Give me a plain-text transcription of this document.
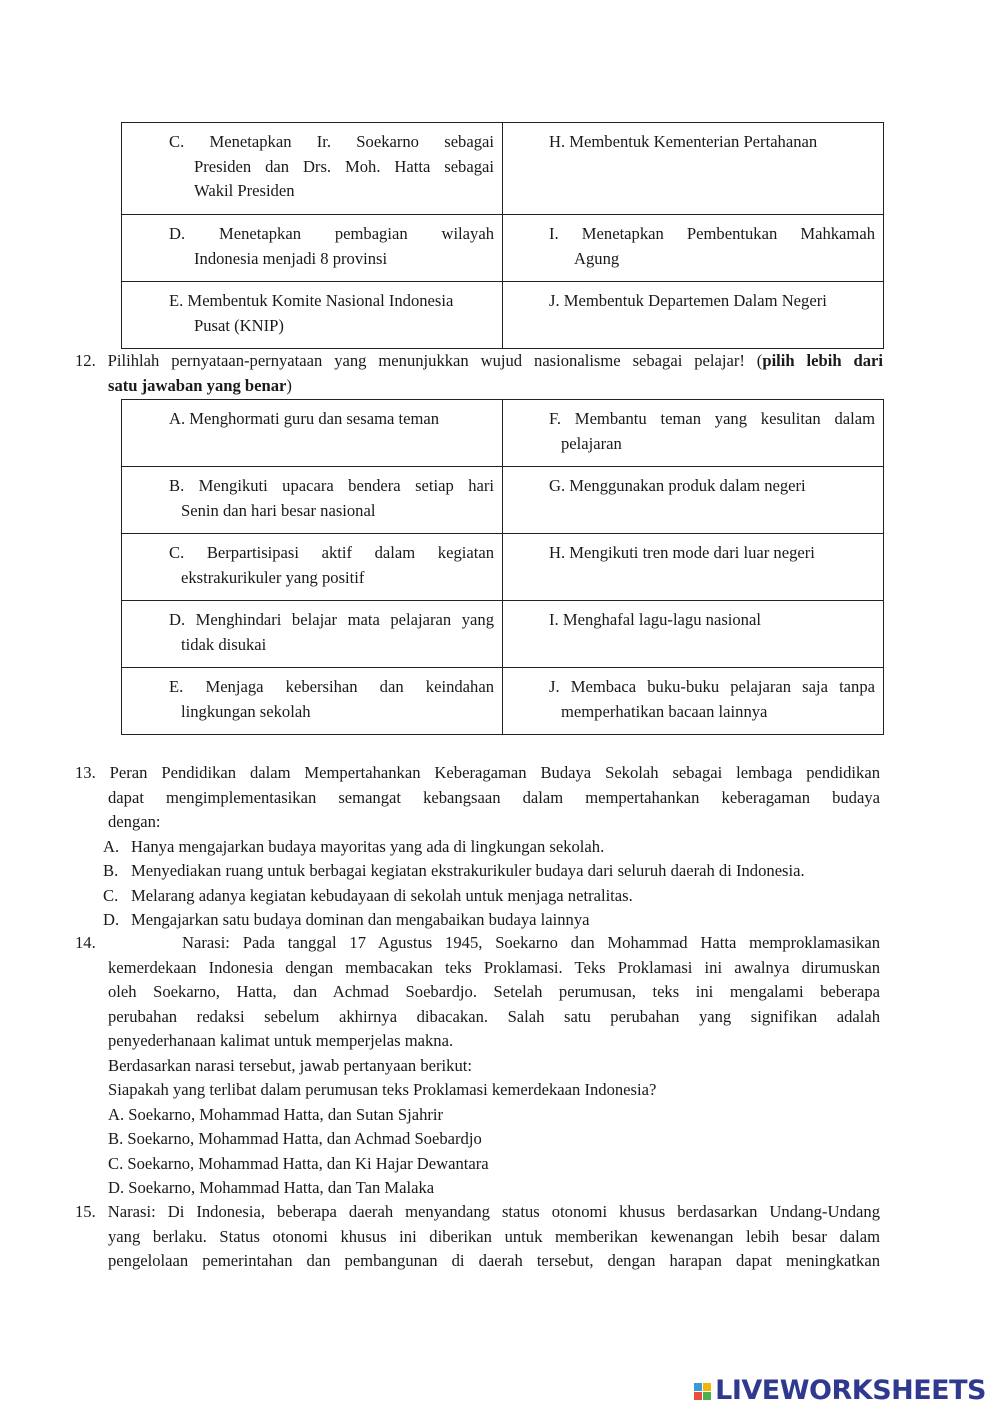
C. Menetapkan Ir. Soekarno sebagai
Presiden dan Drs. Moh. Hatta sebagai
Wakil Presiden	H. Membentuk Kementerian Pertahanan

D. Menetapkan pembagian wilayah
Indonesia menjadi 8 provinsi	I. Menetapkan Pembentukan Mahkamah
Agung

E. Membentuk Komite Nasional Indonesia
Pusat (KNIP)	J. Membentuk Departemen Dalam Negeri
12. Pilihlah pernyataan-pernyataan yang menunjukkan wujud nasionalisme sebagai pelajar! (pilih lebih dari
satu jawaban yang benar)
A. Menghormati guru dan sesama teman	F. Membantu teman yang kesulitan dalam
pelajaran

B. Mengikuti upacara bendera setiap hari
Senin dan hari besar nasional	G. Menggunakan produk dalam negeri

C. Berpartisipasi aktif dalam kegiatan
ekstrakurikuler yang positif	H. Mengikuti tren mode dari luar negeri

D. Menghindari belajar mata pelajaran yang
tidak disukai	I. Menghafal lagu-lagu nasional

E. Menjaga kebersihan dan keindahan
lingkungan sekolah	J. Membaca buku-buku pelajaran saja tanpa
memperhatikan bacaan lainnya
13. Peran Pendidikan dalam Mempertahankan Keberagaman Budaya Sekolah sebagai lembaga pendidikan
dapat mengimplementasikan semangat kebangsaan dalam mempertahankan keberagaman budaya
dengan:
A. Hanya mengajarkan budaya mayoritas yang ada di lingkungan sekolah.
B. Menyediakan ruang untuk berbagai kegiatan ekstrakurikuler budaya dari seluruh daerah di Indonesia.
C. Melarang adanya kegiatan kebudayaan di sekolah untuk menjaga netralitas.
D. Mengajarkan satu budaya dominan dan mengabaikan budaya lainnya
14.	Narasi: Pada tanggal 17 Agustus 1945, Soekarno dan Mohammad Hatta memproklamasikan
kemerdekaan Indonesia dengan membacakan teks Proklamasi. Teks Proklamasi ini awalnya dirumuskan
oleh Soekarno, Hatta, dan Achmad Soebardjo. Setelah perumusan, teks ini mengalami beberapa
perubahan redaksi sebelum akhirnya dibacakan. Salah satu perubahan yang signifikan adalah
penyederhanaan kalimat untuk memperjelas makna.
Berdasarkan narasi tersebut, jawab pertanyaan berikut:
Siapakah yang terlibat dalam perumusan teks Proklamasi kemerdekaan Indonesia?
A. Soekarno, Mohammad Hatta, dan Sutan Sjahrir
B. Soekarno, Mohammad Hatta, dan Achmad Soebardjo
C. Soekarno, Mohammad Hatta, dan Ki Hajar Dewantara
D. Soekarno, Mohammad Hatta, dan Tan Malaka
15. Narasi: Di Indonesia, beberapa daerah menyandang status otonomi khusus berdasarkan Undang-Undang
yang berlaku. Status otonomi khusus ini diberikan untuk memberikan kewenangan lebih besar dalam
pengelolaan pemerintahan dan pembangunan di daerah tersebut, dengan harapan dapat meningkatkan
LIVEWORKSHEETS
